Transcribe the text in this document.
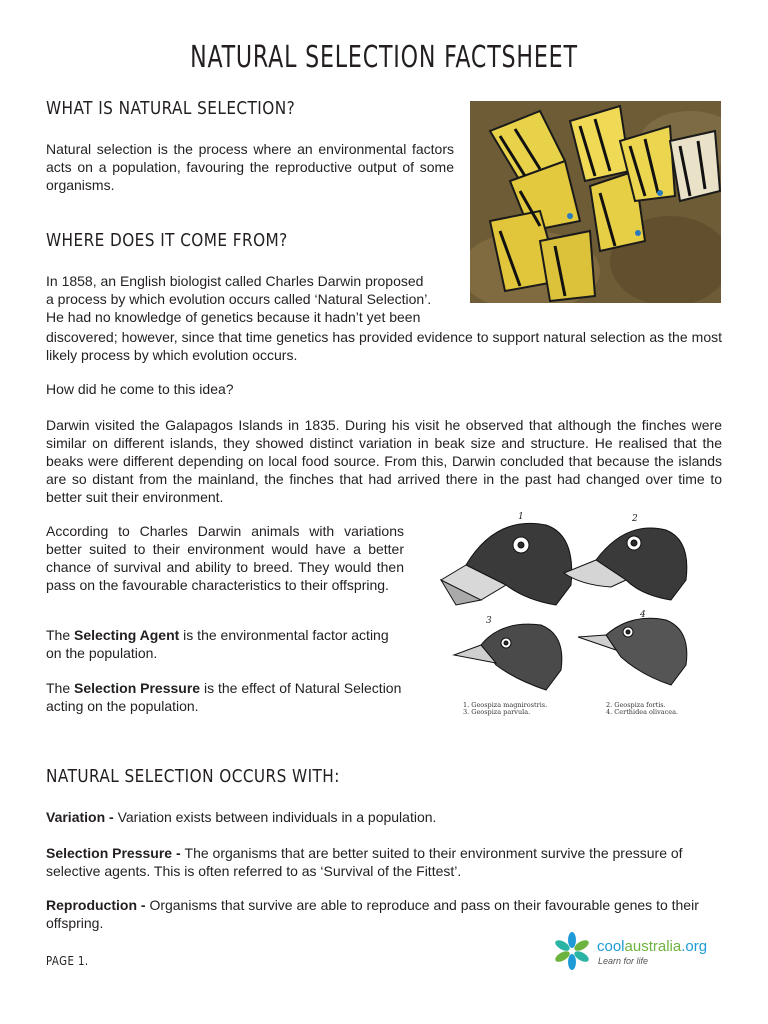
NATURAL SELECTION FACTSHEET
WHAT IS NATURAL SELECTION?
Natural selection is the process where an environmental factors acts on a population, favouring the reproductive output of some organisms.
WHERE DOES IT COME FROM?
In 1858, an English biologist called Charles Darwin proposed
a process by which evolution occurs called ‘Natural Selection’.
He had no knowledge of genetics because it hadn’t yet been
discovered; however, since that time genetics has provided evidence to support natural selection as the most likely process by which evolution occurs.
How did he come to this idea?
Darwin visited the Galapagos Islands in 1835. During his visit he observed that although the finches were similar on different islands, they showed distinct variation in beak size and structure. He realised that the beaks were different depending on local food source. From this, Darwin concluded that because the islands are so distant from the mainland, the finches that had arrived there in the past had changed over time to better suit their environment.
According to Charles Darwin animals with variations better suited to their environment would have a better chance of survival and ability to breed. They would then pass on the favourable characteristics to their offspring.
The Selecting Agent is the environmental factor acting on the population.
The Selection Pressure is the effect of Natural Selection acting on the population.
1	2
3
4
1. Geospiza magnirostris.
3. Geospiza parvula.
2. Geospiza fortis.
4. Certhidea olivacea.
NATURAL SELECTION OCCURS WITH:
Variation - Variation exists between individuals in a population.
Selection Pressure - The organisms that are better suited to their environment survive the pressure of selective agents. This is often referred to as ‘Survival of the Fittest’.
Reproduction - Organisms that survive are able to reproduce and pass on their favourable genes to their offspring.
PAGE 1.
coolaustralia.org
Learn for life
